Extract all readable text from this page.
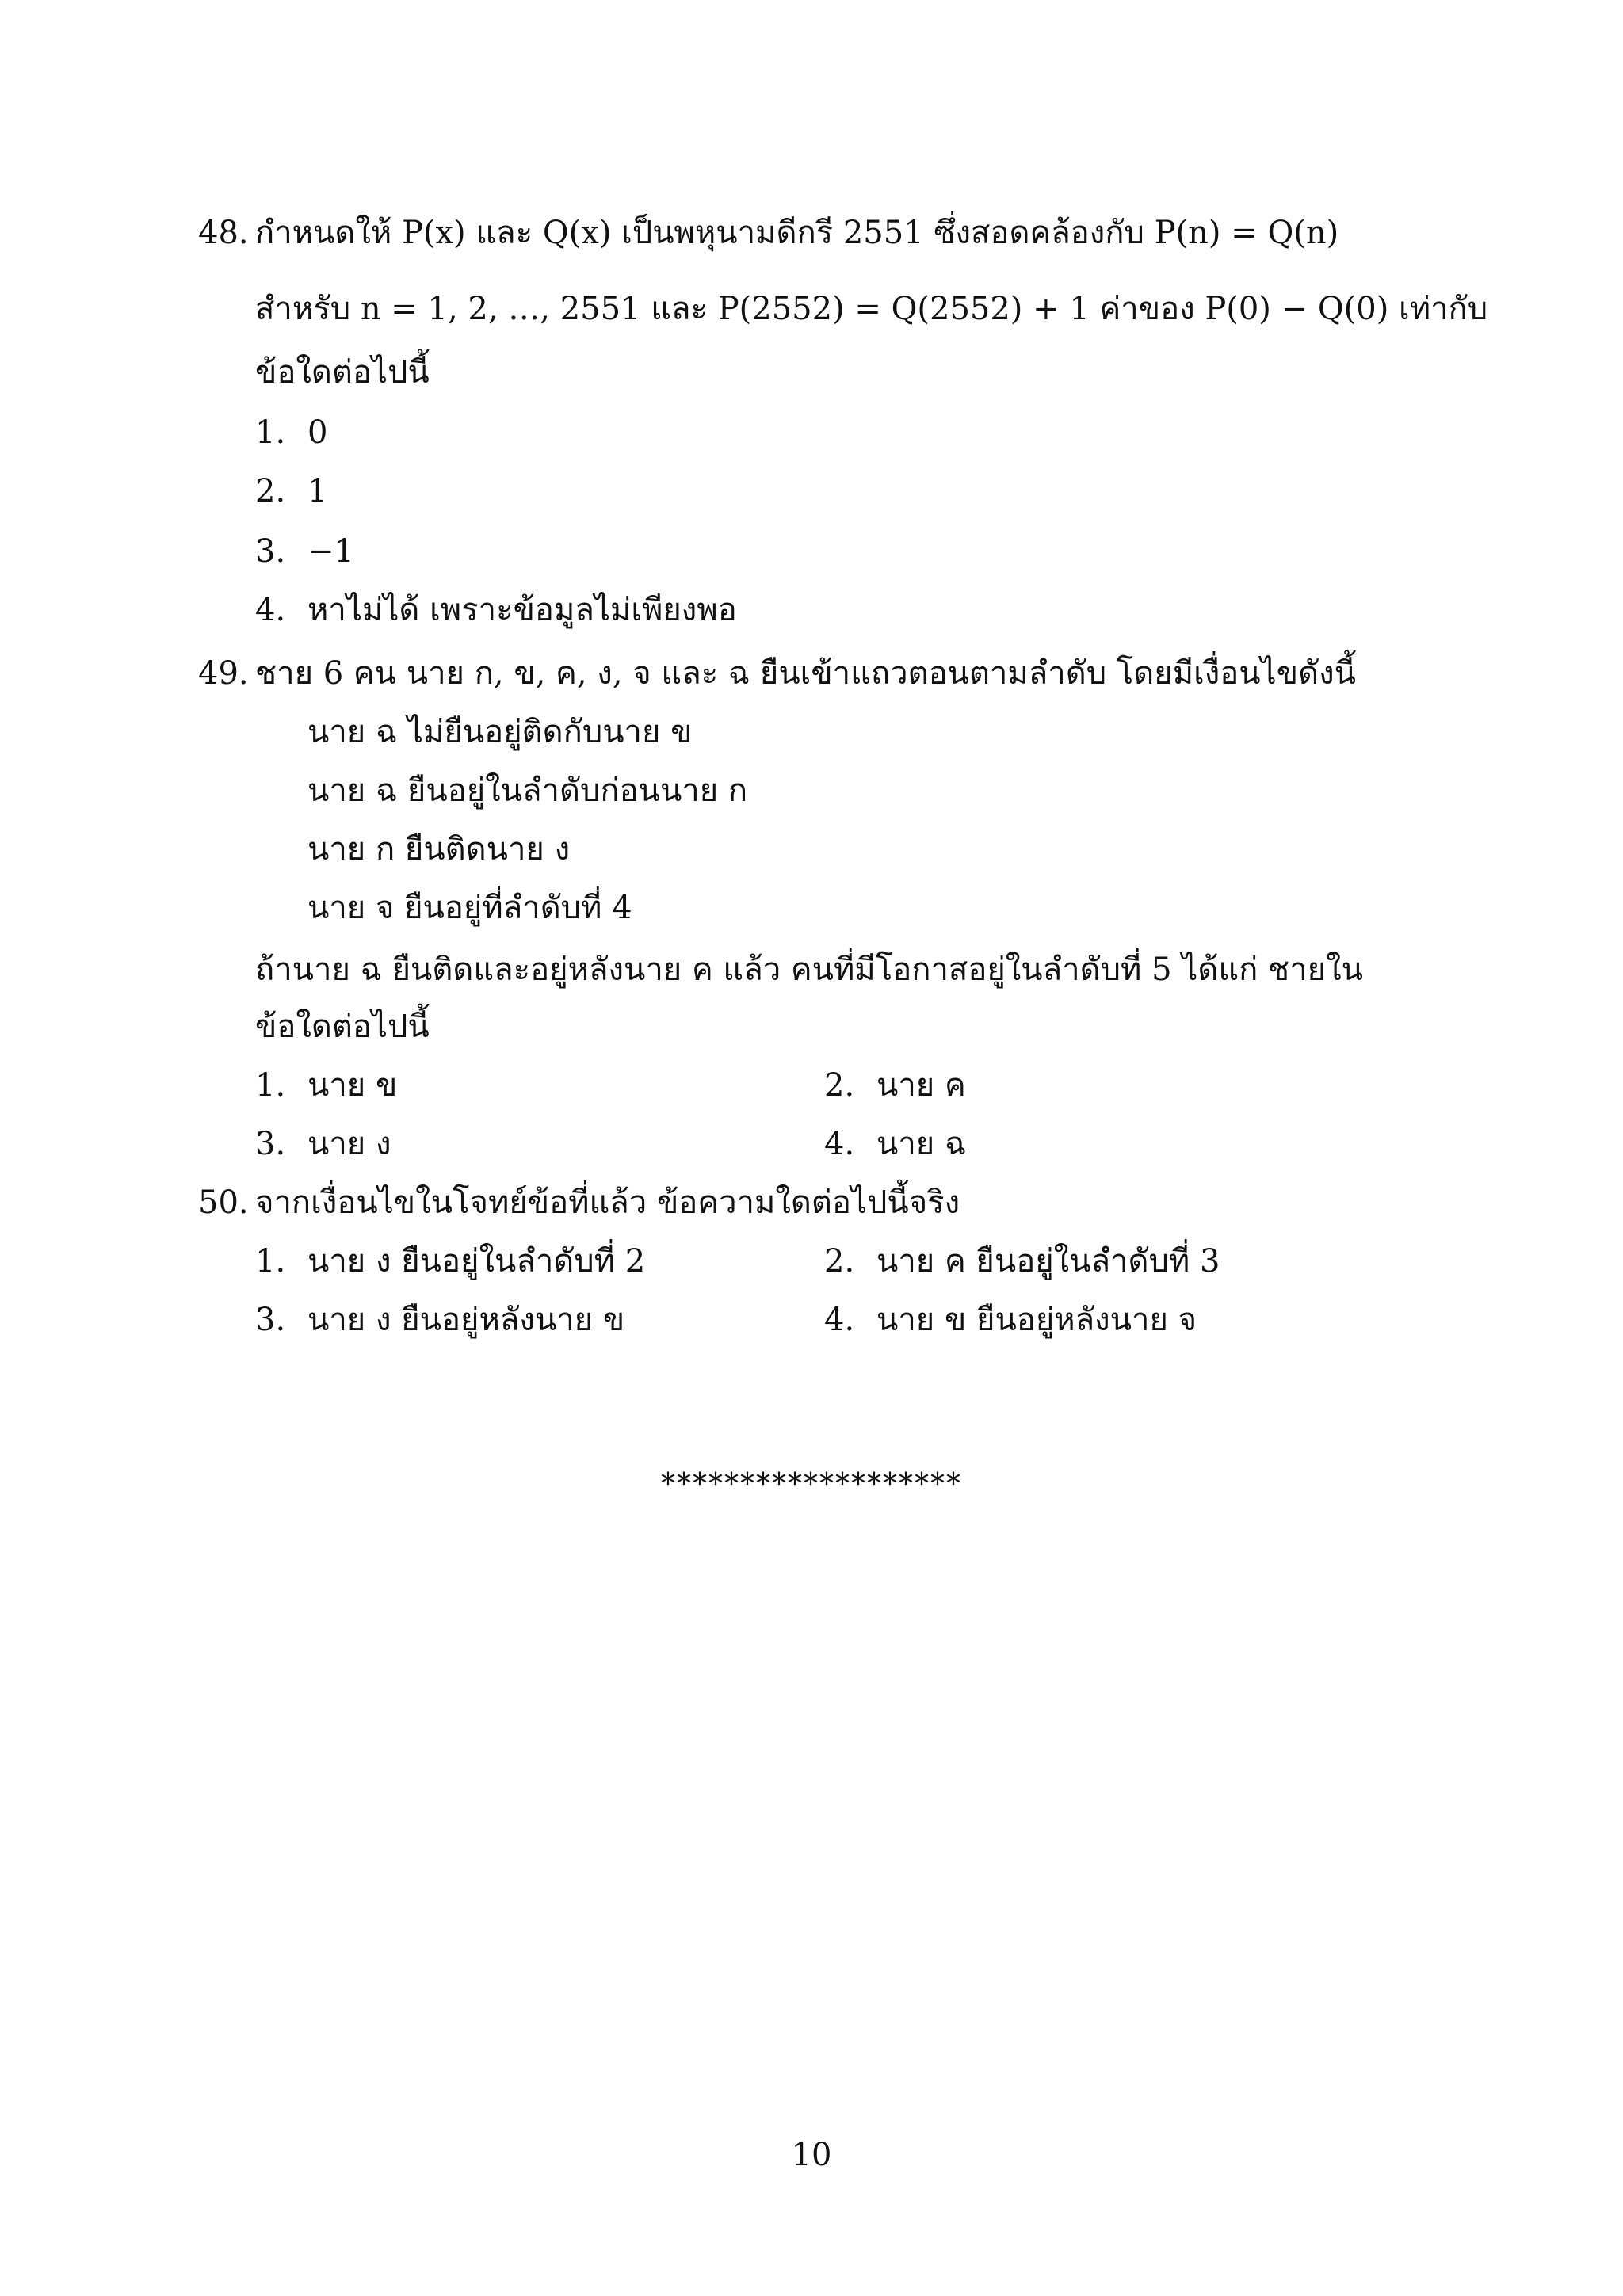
48. กำหนดให้ P(x) และ Q(x) เป็นพหุนามดีกรี 2551 ซึ่งสอดคล้องกับ P(n) = Q(n)
สำหรับ n = 1, 2, …, 2551 และ P(2552) = Q(2552) + 1 ค่าของ P(0) − Q(0) เท่ากับ
ข้อใดต่อไปนี้
1. 0
2. 1
3. −1
4. หาไม่ได้ เพราะข้อมูลไม่เพียงพอ
49. ชาย 6 คน นาย ก, ข, ค, ง, จ และ ฉ ยืนเข้าแถวตอนตามลำดับ โดยมีเงื่อนไขดังนี้
นาย ฉ ไม่ยืนอยู่ติดกับนาย ข
นาย ฉ ยืนอยู่ในลำดับก่อนนาย ก
นาย ก ยืนติดนาย ง
นาย จ ยืนอยู่ที่ลำดับที่ 4
ถ้านาย ฉ ยืนติดและอยู่หลังนาย ค แล้ว คนที่มีโอกาสอยู่ในลำดับที่ 5 ได้แก่ ชายใน
ข้อใดต่อไปนี้
1. นาย ข	2. นาย ค
3. นาย ง	4. นาย ฉ
50. จากเงื่อนไขในโจทย์ข้อที่แล้ว ข้อความใดต่อไปนี้จริง
1. นาย ง ยืนอยู่ในลำดับที่ 2	2. นาย ค ยืนอยู่ในลำดับที่ 3
3. นาย ง ยืนอยู่หลังนาย ข	4. นาย ข ยืนอยู่หลังนาย จ
*******************
10
